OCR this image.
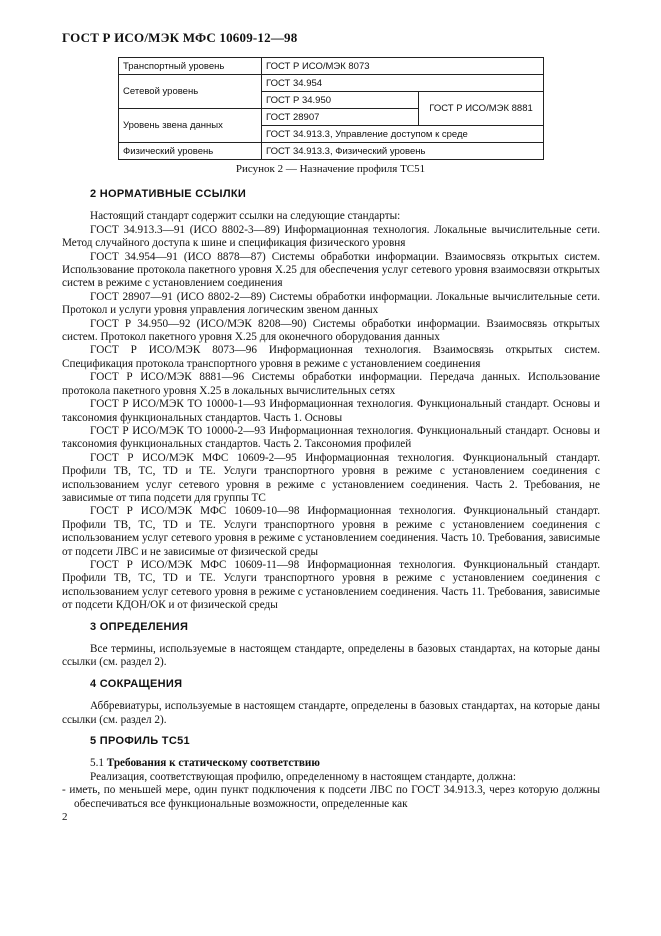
ГОСТ Р ИСО/МЭК МФС 10609-12—98
Транспортный уровень	ГОСТ Р ИСО/МЭК 8073	
Сетевой уровень	ГОСТ 34.954	
	ГОСТ Р 34.950	ГОСТ Р ИСО/МЭК 8881
Уровень звена данных	ГОСТ 28907	
	ГОСТ 34.913.3, Управление доступом к среде	
Физический уровень	ГОСТ 34.913.3, Физический уровень	
Рисунок 2 — Назначение профиля TC51
2 НОРМАТИВНЫЕ ССЫЛКИ

Настоящий стандарт содержит ссылки на следующие стандарты:

ГОСТ 34.913.3—91 (ИСО 8802-3—89) Информационная технология. Локальные вычислительные сети. Метод случайного доступа к шине и спецификация физического уровня

ГОСТ 34.954—91 (ИСО 8878—87) Системы обработки информации. Взаимосвязь открытых систем. Использование протокола пакетного уровня X.25 для обеспечения услуг сетевого уровня взаимосвязи открытых систем в режиме с установлением соединения

ГОСТ 28907—91 (ИСО 8802-2—89) Системы обработки информации. Локальные вычислительные сети. Протокол и услуги уровня управления логическим звеном данных

ГОСТ Р 34.950—92 (ИСО/МЭК 8208—90) Системы обработки информации. Взаимосвязь открытых систем. Протокол пакетного уровня X.25 для оконечного оборудования данных

ГОСТ Р ИСО/МЭК 8073—96 Информационная технология. Взаимосвязь открытых систем. Спецификация протокола транспортного уровня в режиме с установлением соединения

ГОСТ Р ИСО/МЭК 8881—96 Системы обработки информации. Передача данных. Использование протокола пакетного уровня X.25 в локальных вычислительных сетях

ГОСТ Р ИСО/МЭК ТО 10000-1—93 Информационная технология. Функциональный стандарт. Основы и таксономия функциональных стандартов. Часть 1. Основы

ГОСТ Р ИСО/МЭК ТО 10000-2—93 Информационная технология. Функциональный стандарт. Основы и таксономия функциональных стандартов. Часть 2. Таксономия профилей

ГОСТ Р ИСО/МЭК МФС 10609-2—95 Информационная технология. Функциональный стандарт. Профили TB, TC, TD и TE. Услуги транспортного уровня в режиме с установлением соединения с использованием услуг сетевого уровня в режиме с установлением соединения. Часть 2. Требования, не зависимые от типа подсети для группы TC

ГОСТ Р ИСО/МЭК МФС 10609-10—98 Информационная технология. Функциональный стандарт. Профили TB, TC, TD и TE. Услуги транспортного уровня в режиме с установлением соединения с использованием услуг сетевого уровня в режиме с установлением соединения. Часть 10. Требования, зависимые от подсети ЛВС и не зависимые от физической среды

ГОСТ Р ИСО/МЭК МФС 10609-11—98 Информационная технология. Функциональный стандарт. Профили TB, TC, TD и TE. Услуги транспортного уровня в режиме с установлением соединения с использованием услуг сетевого уровня в режиме с установлением соединения. Часть 11. Требования, зависимые от подсети КДОН/ОК и от физической среды

3 ОПРЕДЕЛЕНИЯ

Все термины, используемые в настоящем стандарте, определены в базовых стандартах, на которые даны ссылки (см. раздел 2).

4 СОКРАЩЕНИЯ

Аббревиатуры, используемые в настоящем стандарте, определены в базовых стандартах, на которые даны ссылки (см. раздел 2).

5 ПРОФИЛЬ TC51
5.1 Требования к статическому соответствию

Реализация, соответствующая профилю, определенному в настоящем стандарте, должна:

- иметь, по меньшей мере, один пункт подключения к подсети ЛВС по ГОСТ 34.913.3, через которую должны обеспечиваться все функциональные возможности, определенные как
2
